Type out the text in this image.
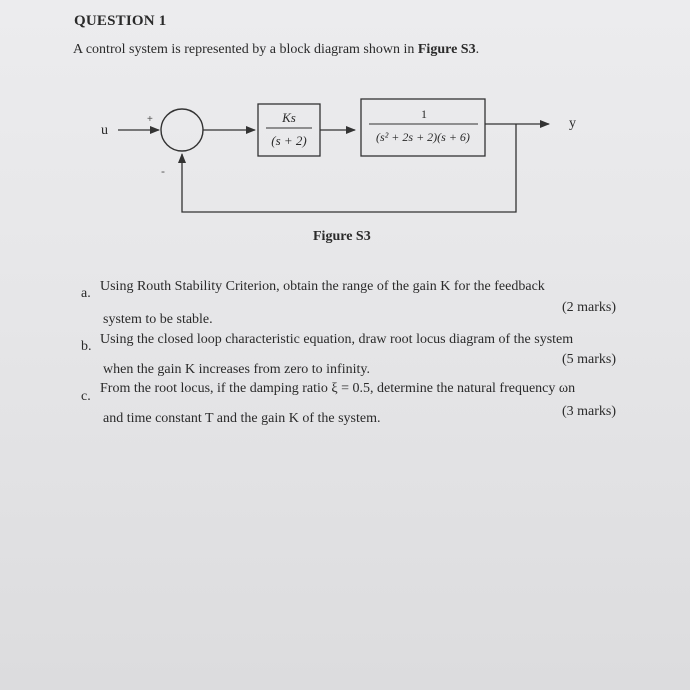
QUESTION 1
A control system is represented by a block diagram shown in Figure S3.
u
+
-
Ks
(s + 2)
1
(s² + 2s + 2)(s + 6)
y
Figure S3
a. Using Routh Stability Criterion, obtain the range of the gain K for the feedback
(2 marks)
system to be stable.
b. Using the closed loop characteristic equation, draw root locus diagram of the system
(5 marks)
when the gain K increases from zero to infinity.
c.
From the root locus, if the damping ratio ξ = 0.5, determine the natural frequency ωn
(3 marks)
and time constant T and the gain K of the system.
